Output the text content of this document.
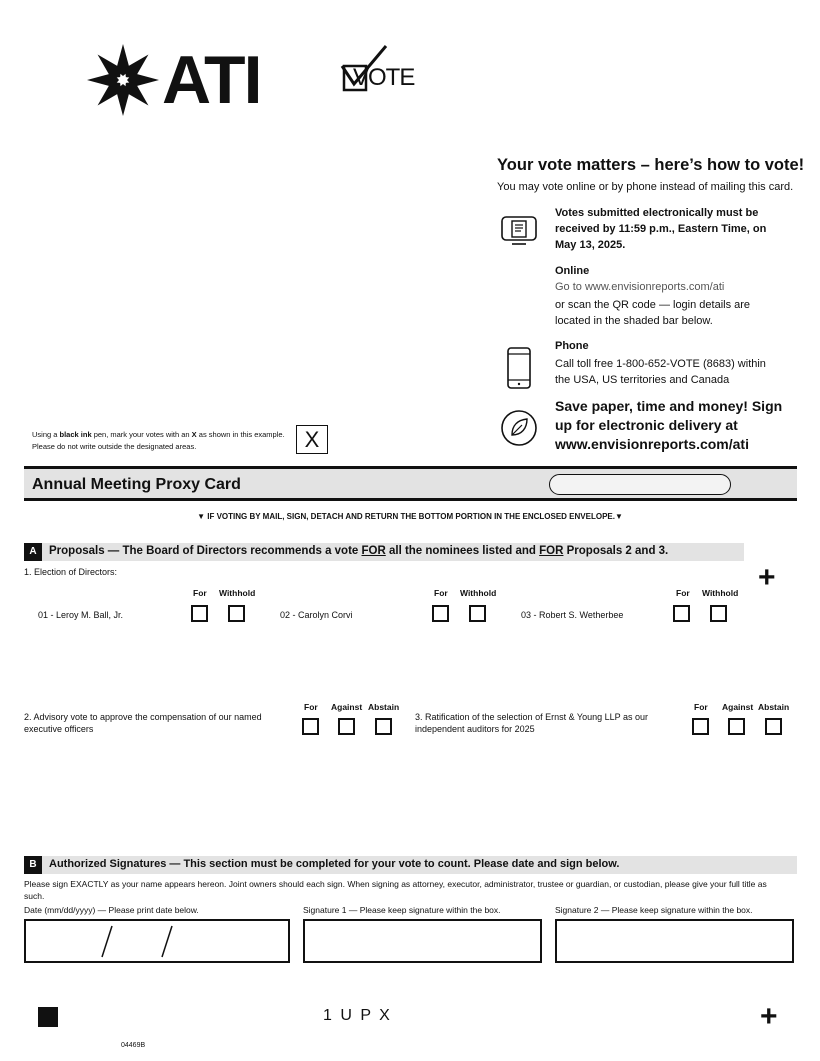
ATI	VOTE
Your vote matters – here’s how to vote!
You may vote online or by phone instead of mailing this card.
Votes submitted electronically must be received by 11:59 p.m., Eastern Time, on May 13, 2025.
Online
Go to www.envisionreports.com/ati
or scan the QR code — login details are located in the shaded bar below.
Phone
Call toll free 1-800-652-VOTE (8683) within the USA, US territories and Canada
Save paper, time and money! Sign up for electronic delivery at www.envisionreports.com/ati
Using a black ink pen, mark your votes with an X as shown in this example.
Please do not write outside the designated areas.	X
Annual Meeting Proxy Card
▼ IF VOTING BY MAIL, SIGN, DETACH AND RETURN THE BOTTOM PORTION IN THE ENCLOSED ENVELOPE.▼
A	Proposals — The Board of Directors recommends a vote FOR all the nominees listed and FOR Proposals 2 and 3.
+
1. Election of Directors:
For Withhold	For Withhold	For Withhold
01 - Leroy M. Ball, Jr.	02 - Carolyn Corvi	03 - Robert S. Wetherbee
For Against Abstain
2. Advisory vote to approve the compensation of our named executive officers
For Against Abstain
3. Ratification of the selection of Ernst & Young LLP as our independent auditors for 2025
B	Authorized Signatures — This section must be completed for your vote to count. Please date and sign below.
Please sign EXACTLY as your name appears hereon. Joint owners should each sign. When signing as attorney, executor, administrator, trustee or guardian, or custodian, please give your full title as such.
Date (mm/dd/yyyy) — Please print date below.	Signature 1 — Please keep signature within the box.	Signature 2 — Please keep signature within the box.
1 U P X	+
04469B
